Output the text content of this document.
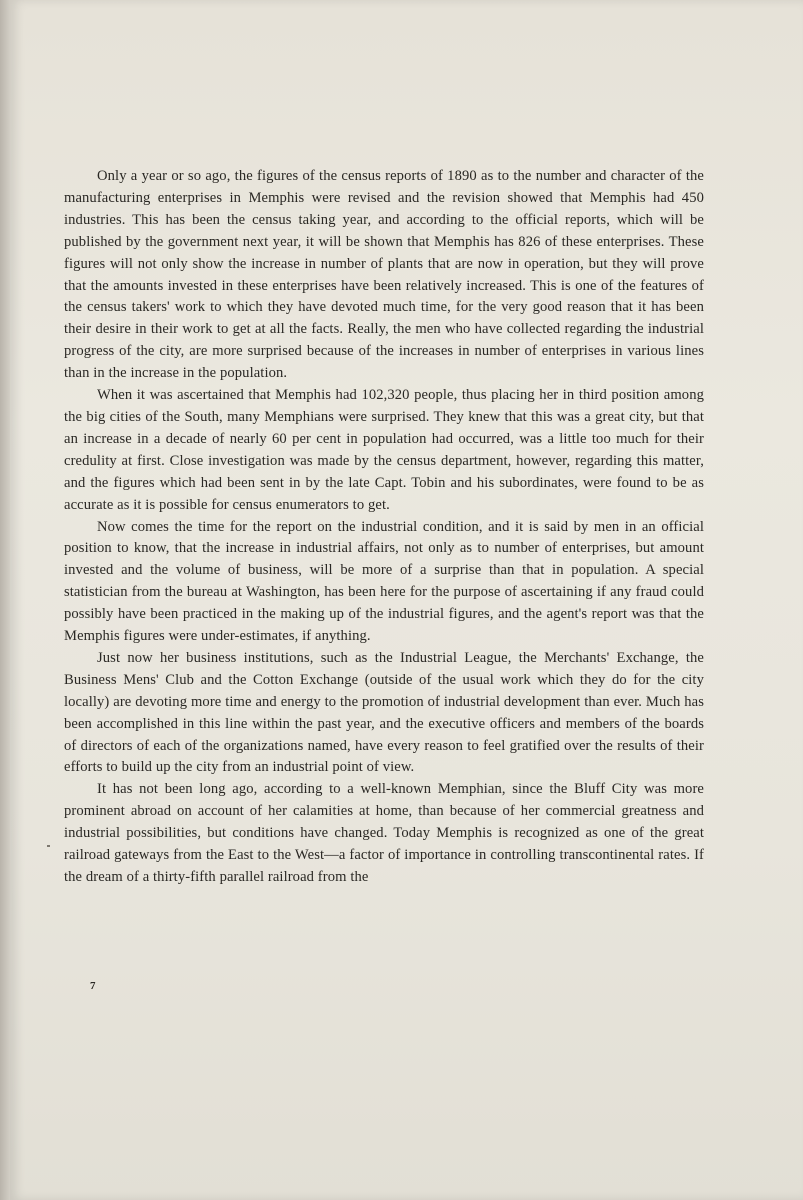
Only a year or so ago, the figures of the census reports of 1890 as to the number and character of the manufacturing enterprises in Memphis were revised and the revision showed that Memphis had 450 industries. This has been the census taking year, and according to the official reports, which will be published by the government next year, it will be shown that Memphis has 826 of these enterprises. These figures will not only show the increase in number of plants that are now in operation, but they will prove that the amounts invested in these enterprises have been relatively increased. This is one of the features of the census takers' work to which they have devoted much time, for the very good reason that it has been their desire in their work to get at all the facts. Really, the men who have collected regarding the industrial progress of the city, are more surprised because of the increases in number of enterprises in various lines than in the increase in the population.

When it was ascertained that Memphis had 102,320 people, thus placing her in third position among the big cities of the South, many Memphians were surprised. They knew that this was a great city, but that an increase in a decade of nearly 60 per cent in population had occurred, was a little too much for their credulity at first. Close investigation was made by the census department, however, regarding this matter, and the figures which had been sent in by the late Capt. Tobin and his subordinates, were found to be as accurate as it is possible for census enumerators to get.

Now comes the time for the report on the industrial condition, and it is said by men in an official position to know, that the increase in industrial affairs, not only as to number of enterprises, but amount invested and the volume of business, will be more of a surprise than that in population. A special statistician from the bureau at Washington, has been here for the purpose of ascertaining if any fraud could possibly have been practiced in the making up of the industrial figures, and the agent's report was that the Memphis figures were under-estimates, if anything.

Just now her business institutions, such as the Industrial League, the Merchants' Exchange, the Business Mens' Club and the Cotton Exchange (outside of the usual work which they do for the city locally) are devoting more time and energy to the promotion of industrial development than ever. Much has been accomplished in this line within the past year, and the executive officers and members of the boards of directors of each of the organizations named, have every reason to feel gratified over the results of their efforts to build up the city from an industrial point of view.

It has not been long ago, according to a well-known Memphian, since the Bluff City was more prominent abroad on account of her calamities at home, than because of her commercial greatness and industrial possibilities, but conditions have changed. Today Memphis is recognized as one of the great railroad gateways from the East to the West—a factor of importance in controlling transcontinental rates. If the dream of a thirty-fifth parallel railroad from the

7
